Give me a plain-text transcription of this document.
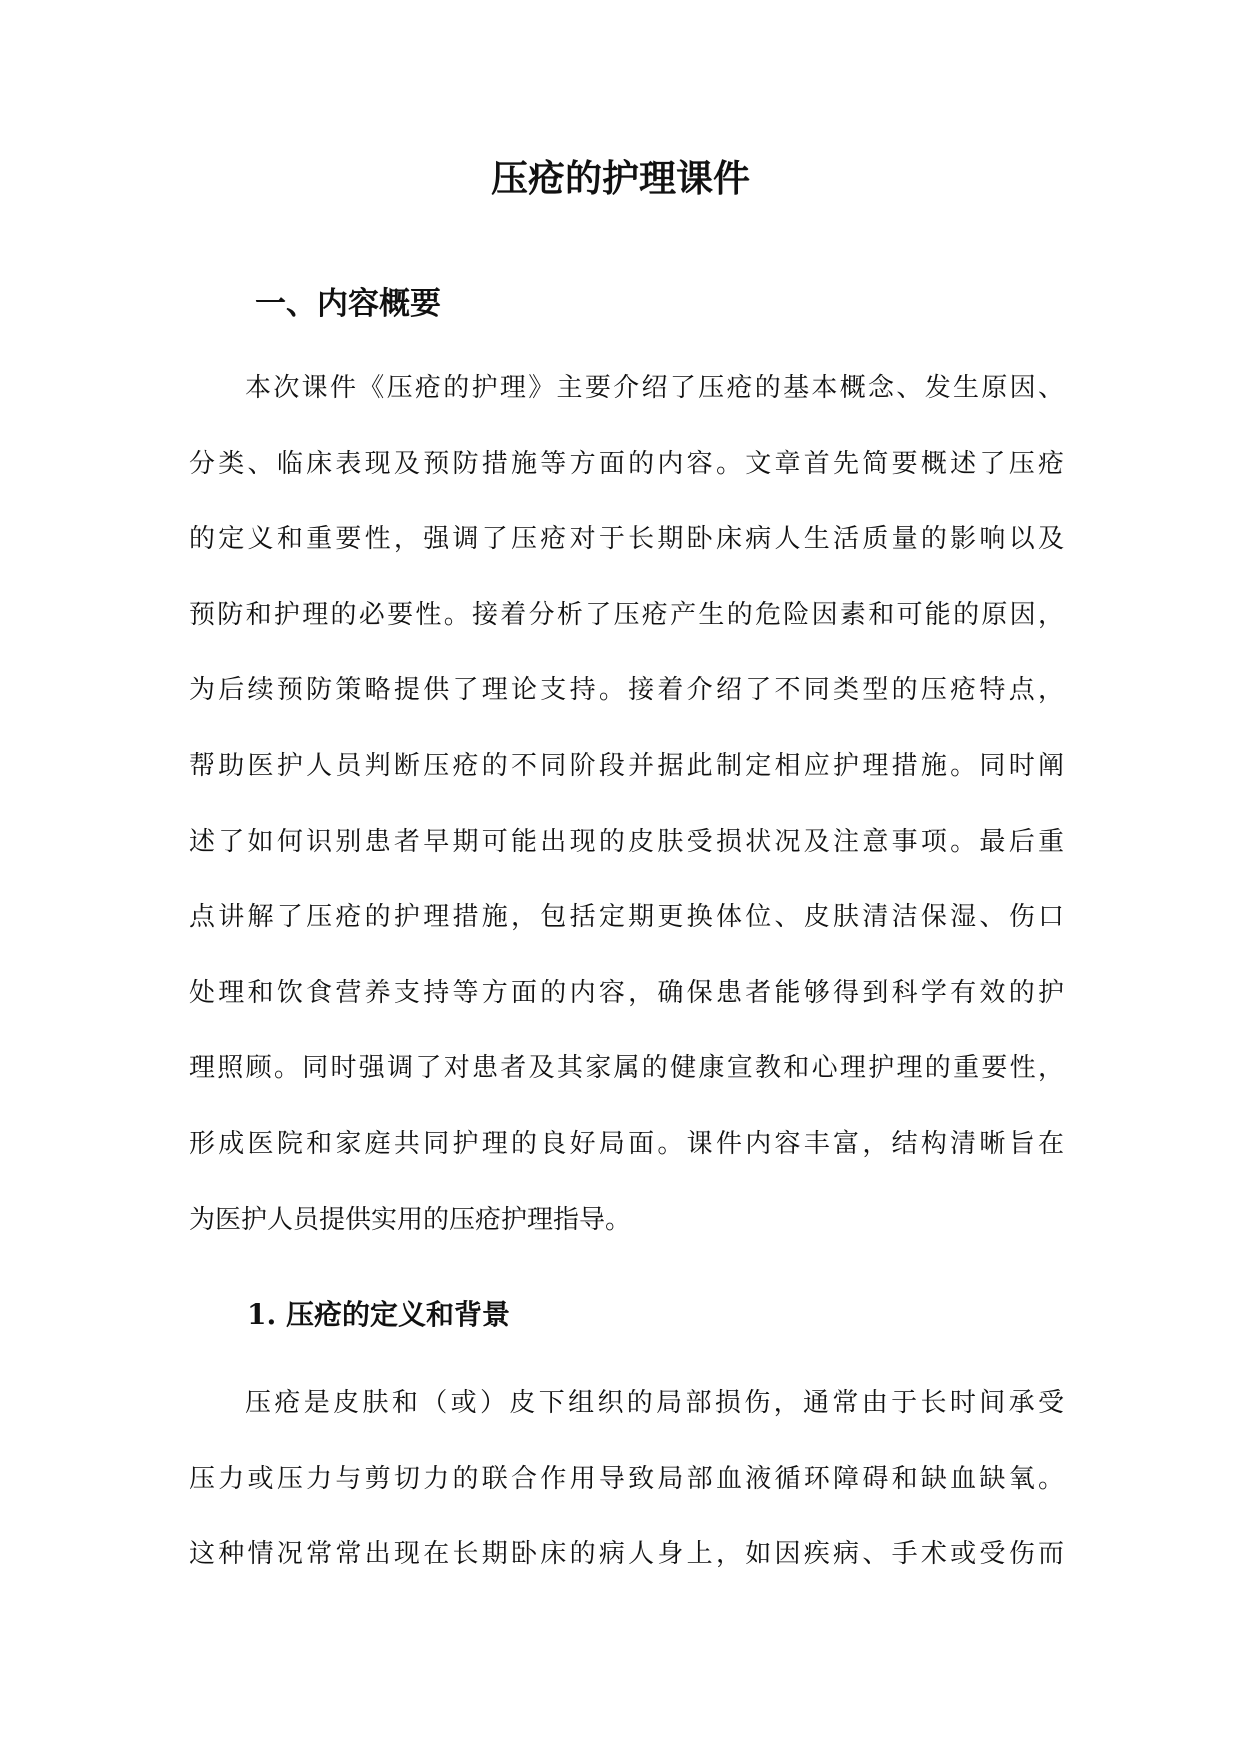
压疮的护理课件
一、内容概要

本次课件《压疮的护理》主要介绍了压疮的基本概念、发生原因、
分类、临床表现及预防措施等方面的内容。文章首先简要概述了压疮
的定义和重要性，强调了压疮对于长期卧床病人生活质量的影响以及
预防和护理的必要性。接着分析了压疮产生的危险因素和可能的原因，
为后续预防策略提供了理论支持。接着介绍了不同类型的压疮特点，
帮助医护人员判断压疮的不同阶段并据此制定相应护理措施。同时阐
述了如何识别患者早期可能出现的皮肤受损状况及注意事项。最后重
点讲解了压疮的护理措施，包括定期更换体位、皮肤清洁保湿、伤口
处理和饮食营养支持等方面的内容，确保患者能够得到科学有效的护
理照顾。同时强调了对患者及其家属的健康宣教和心理护理的重要性，
形成医院和家庭共同护理的良好局面。课件内容丰富，结构清晰旨在
为医护人员提供实用的压疮护理指导。

1. 压疮的定义和背景

压疮是皮肤和（或）皮下组织的局部损伤，通常由于长时间承受
压力或压力与剪切力的联合作用导致局部血液循环障碍和缺血缺氧。
这种情况常常出现在长期卧床的病人身上，如因疾病、手术或受伤而
